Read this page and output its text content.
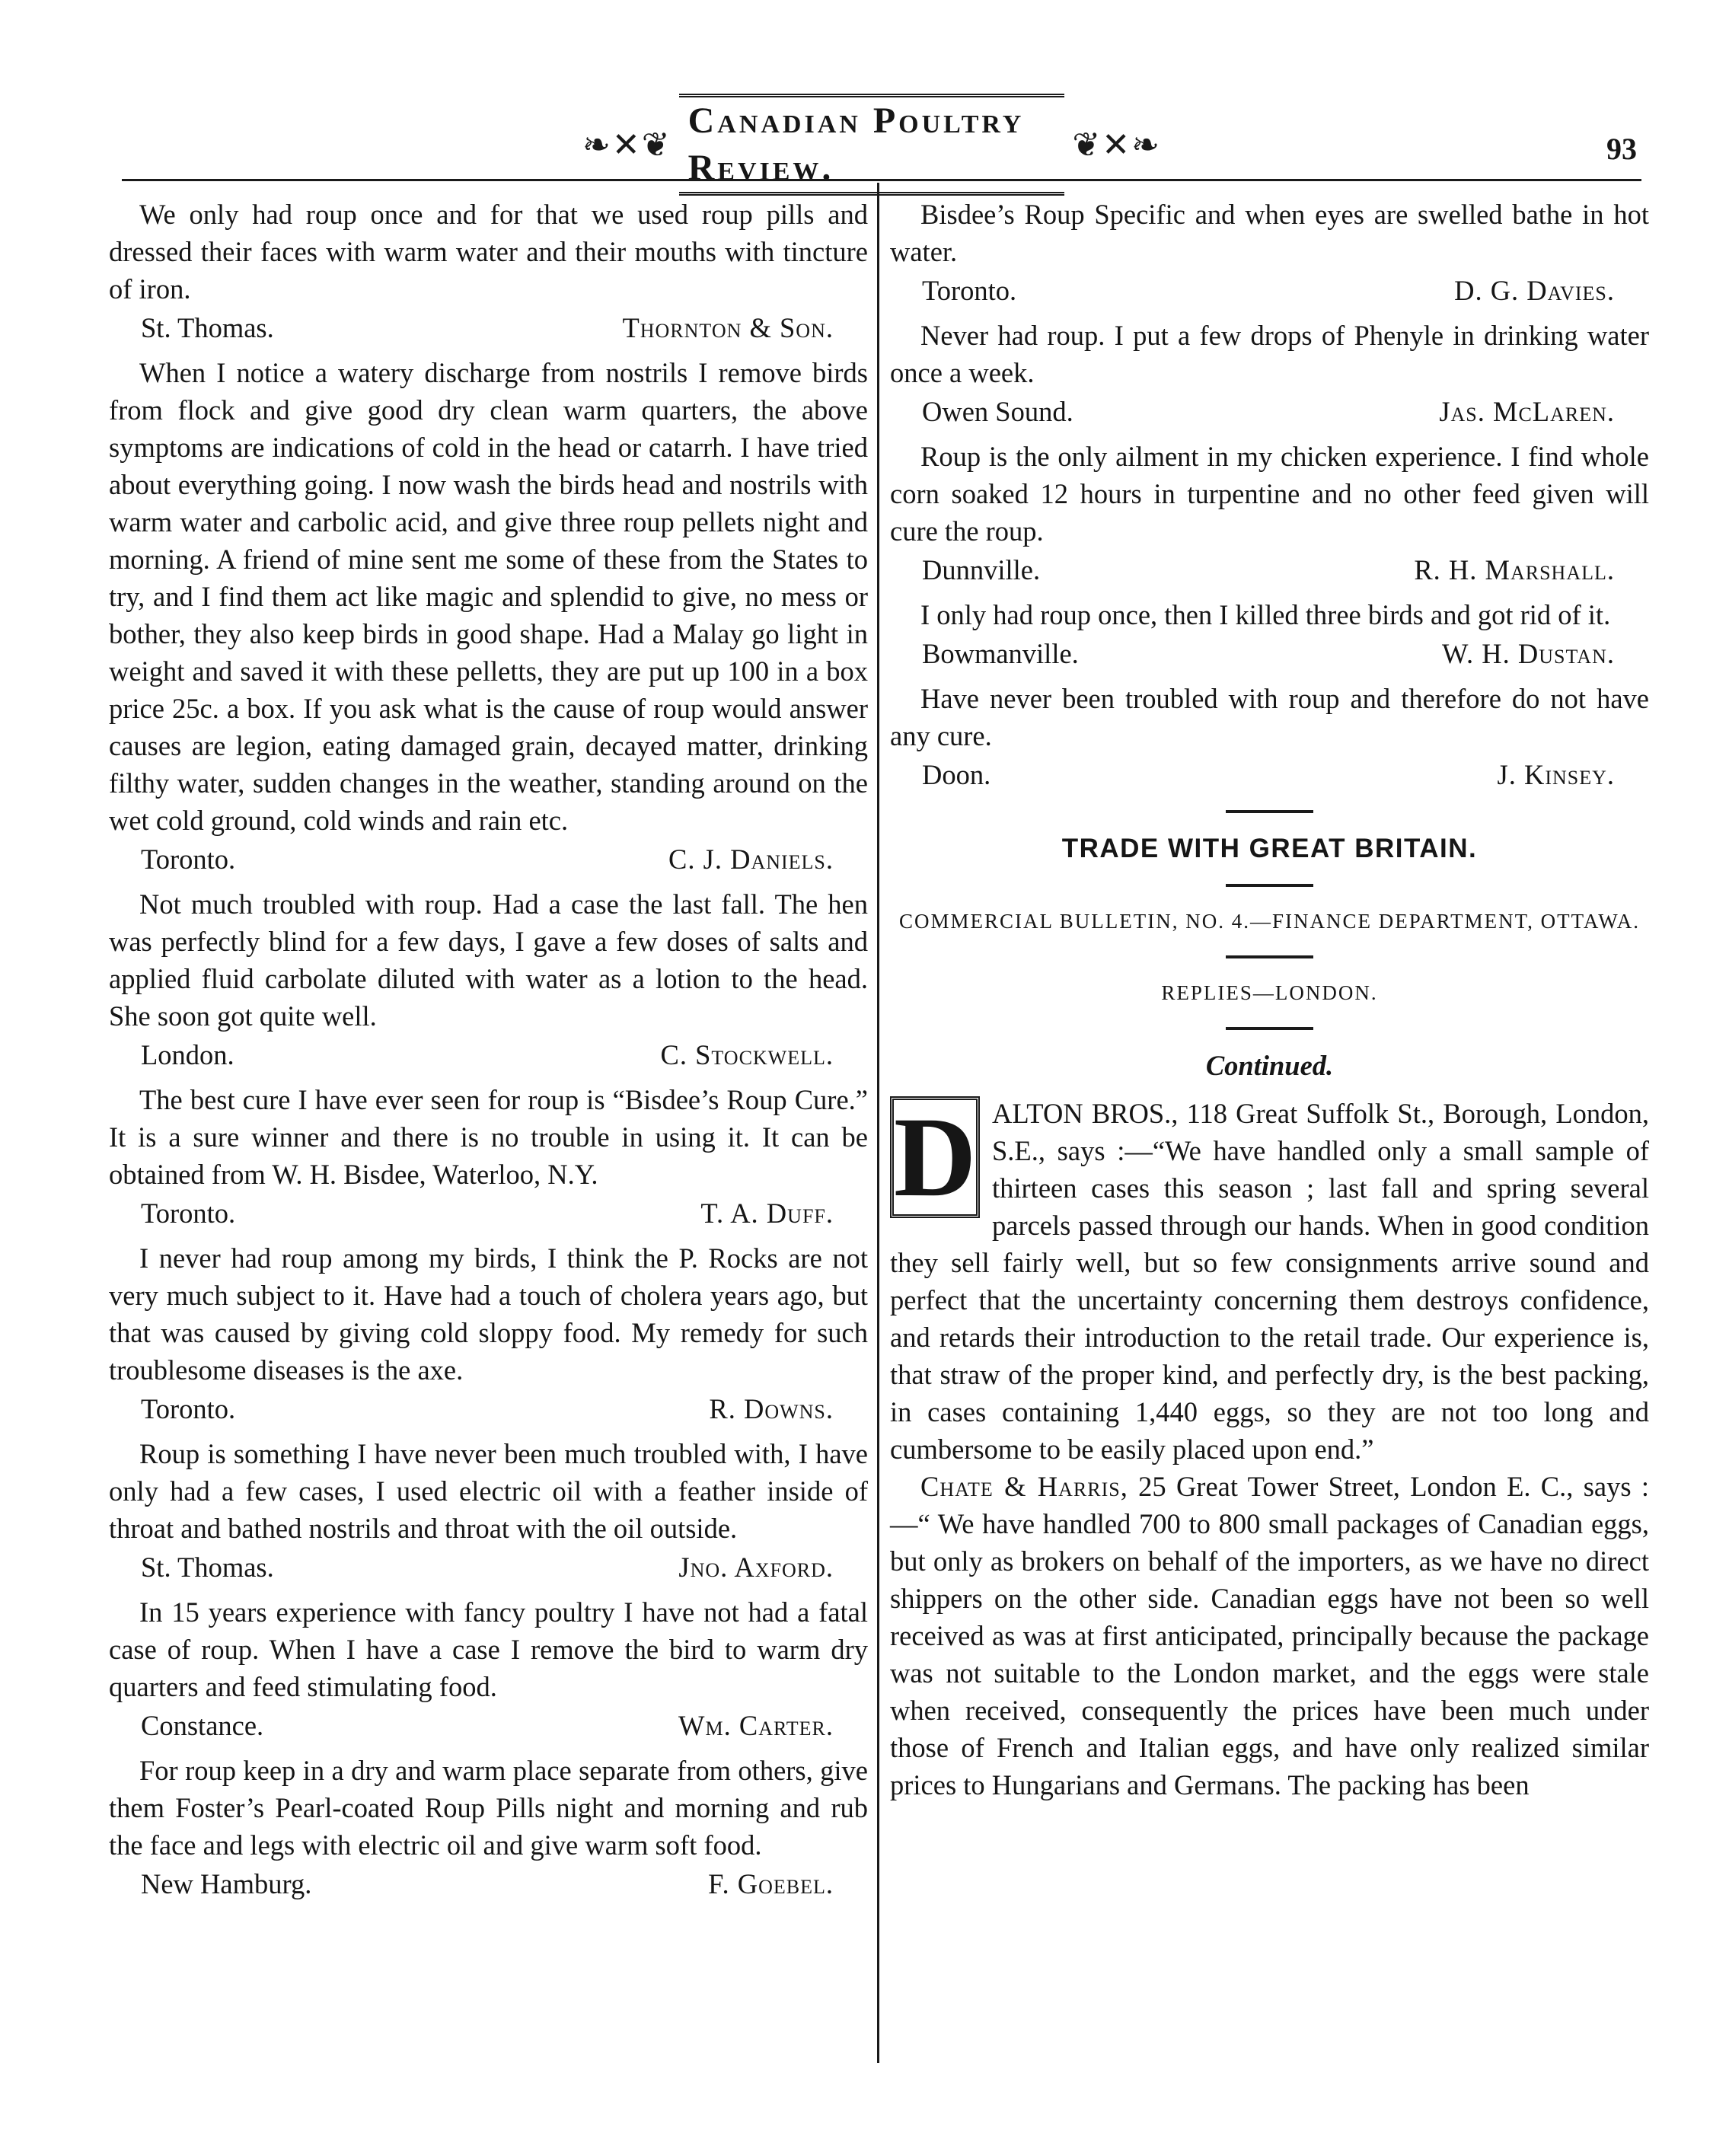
❧✕❦
Canadian Poultry Review.
❦✕❧	93

We only had roup once and for that we used roup pills and dressed their faces with warm water and their mouths with tincture of iron.

St. Thomas.	Thornton & Son.

When I notice a watery discharge from nostrils I remove birds from flock and give good dry clean warm quarters, the above symptoms are indications of cold in the head or catarrh. I have tried about everything going. I now wash the birds head and nostrils with warm water and carbolic acid, and give three roup pellets night and morning. A friend of mine sent me some of these from the States to try, and I find them act like magic and splendid to give, no mess or bother, they also keep birds in good shape. Had a Malay go light in weight and saved it with these pelletts, they are put up 100 in a box price 25c. a box. If you ask what is the cause of roup would answer causes are legion, eating damaged grain, decayed matter, drinking filthy water, sudden changes in the weather, standing around on the wet cold ground, cold winds and rain etc.

Toronto.	C. J. Daniels.

Not much troubled with roup. Had a case the last fall. The hen was perfectly blind for a few days, I gave a few doses of salts and applied fluid carbolate diluted with water as a lotion to the head. She soon got quite well.

London.	C. Stockwell.

The best cure I have ever seen for roup is “Bisdee’s Roup Cure.” It is a sure winner and there is no trouble in using it. It can be obtained from W. H. Bisdee, Waterloo, N.Y.

Toronto.	T. A. Duff.

I never had roup among my birds, I think the P. Rocks are not very much subject to it. Have had a touch of cholera years ago, but that was caused by giving cold sloppy food. My remedy for such troublesome diseases is the axe.

Toronto.	R. Downs.

Roup is something I have never been much troubled with, I have only had a few cases, I used electric oil with a feather inside of throat and bathed nostrils and throat with the oil outside.

St. Thomas.	Jno. Axford.

In 15 years experience with fancy poultry I have not had a fatal case of roup. When I have a case I remove the bird to warm dry quarters and feed stimulating food.

Constance.	Wm. Carter.

For roup keep in a dry and warm place separate from others, give them Foster’s Pearl-coated Roup Pills night and morning and rub the face and legs with electric oil and give warm soft food.

New Hamburg.	F. Goebel.

Bisdee’s Roup Specific and when eyes are swelled bathe in hot water.

Toronto.	D. G. Davies.

Never had roup. I put a few drops of Phenyle in drinking water once a week.

Owen Sound.	Jas. McLaren.

Roup is the only ailment in my chicken experience. I find whole corn soaked 12 hours in turpentine and no other feed given will cure the roup.

Dunnville.	R. H. Marshall.

I only had roup once, then I killed three birds and got rid of it.

Bowmanville.	W. H. Dustan.

Have never been troubled with roup and therefore do not have any cure.

Doon.	J. Kinsey.
TRADE WITH GREAT BRITAIN.
COMMERCIAL BULLETIN, NO. 4.—FINANCE DEPARTMENT, OTTAWA.
REPLIES—LONDON.
Continued.

D ALTON BROS., 118 Great Suffolk St., Borough, London, S.E., says :—“We have handled only a small sample of thirteen cases this season ; last fall and spring several parcels passed through our hands. When in good condition they sell fairly well, but so few consignments arrive sound and perfect that the uncertainty concerning them destroys confidence, and retards their introduction to the retail trade. Our experience is, that straw of the proper kind, and perfectly dry, is the best packing, in cases containing 1,440 eggs, so they are not too long and cumbersome to be easily placed upon end.”

Chate & Harris, 25 Great Tower Street, London E. C., says :—“ We have handled 700 to 800 small packages of Canadian eggs, but only as brokers on behalf of the importers, as we have no direct shippers on the other side. Canadian eggs have not been so well received as was at first anticipated, principally because the package was not suitable to the London market, and the eggs were stale when received, consequently the prices have been much under those of French and Italian eggs, and have only realized similar prices to Hungarians and Germans. The packing has been
